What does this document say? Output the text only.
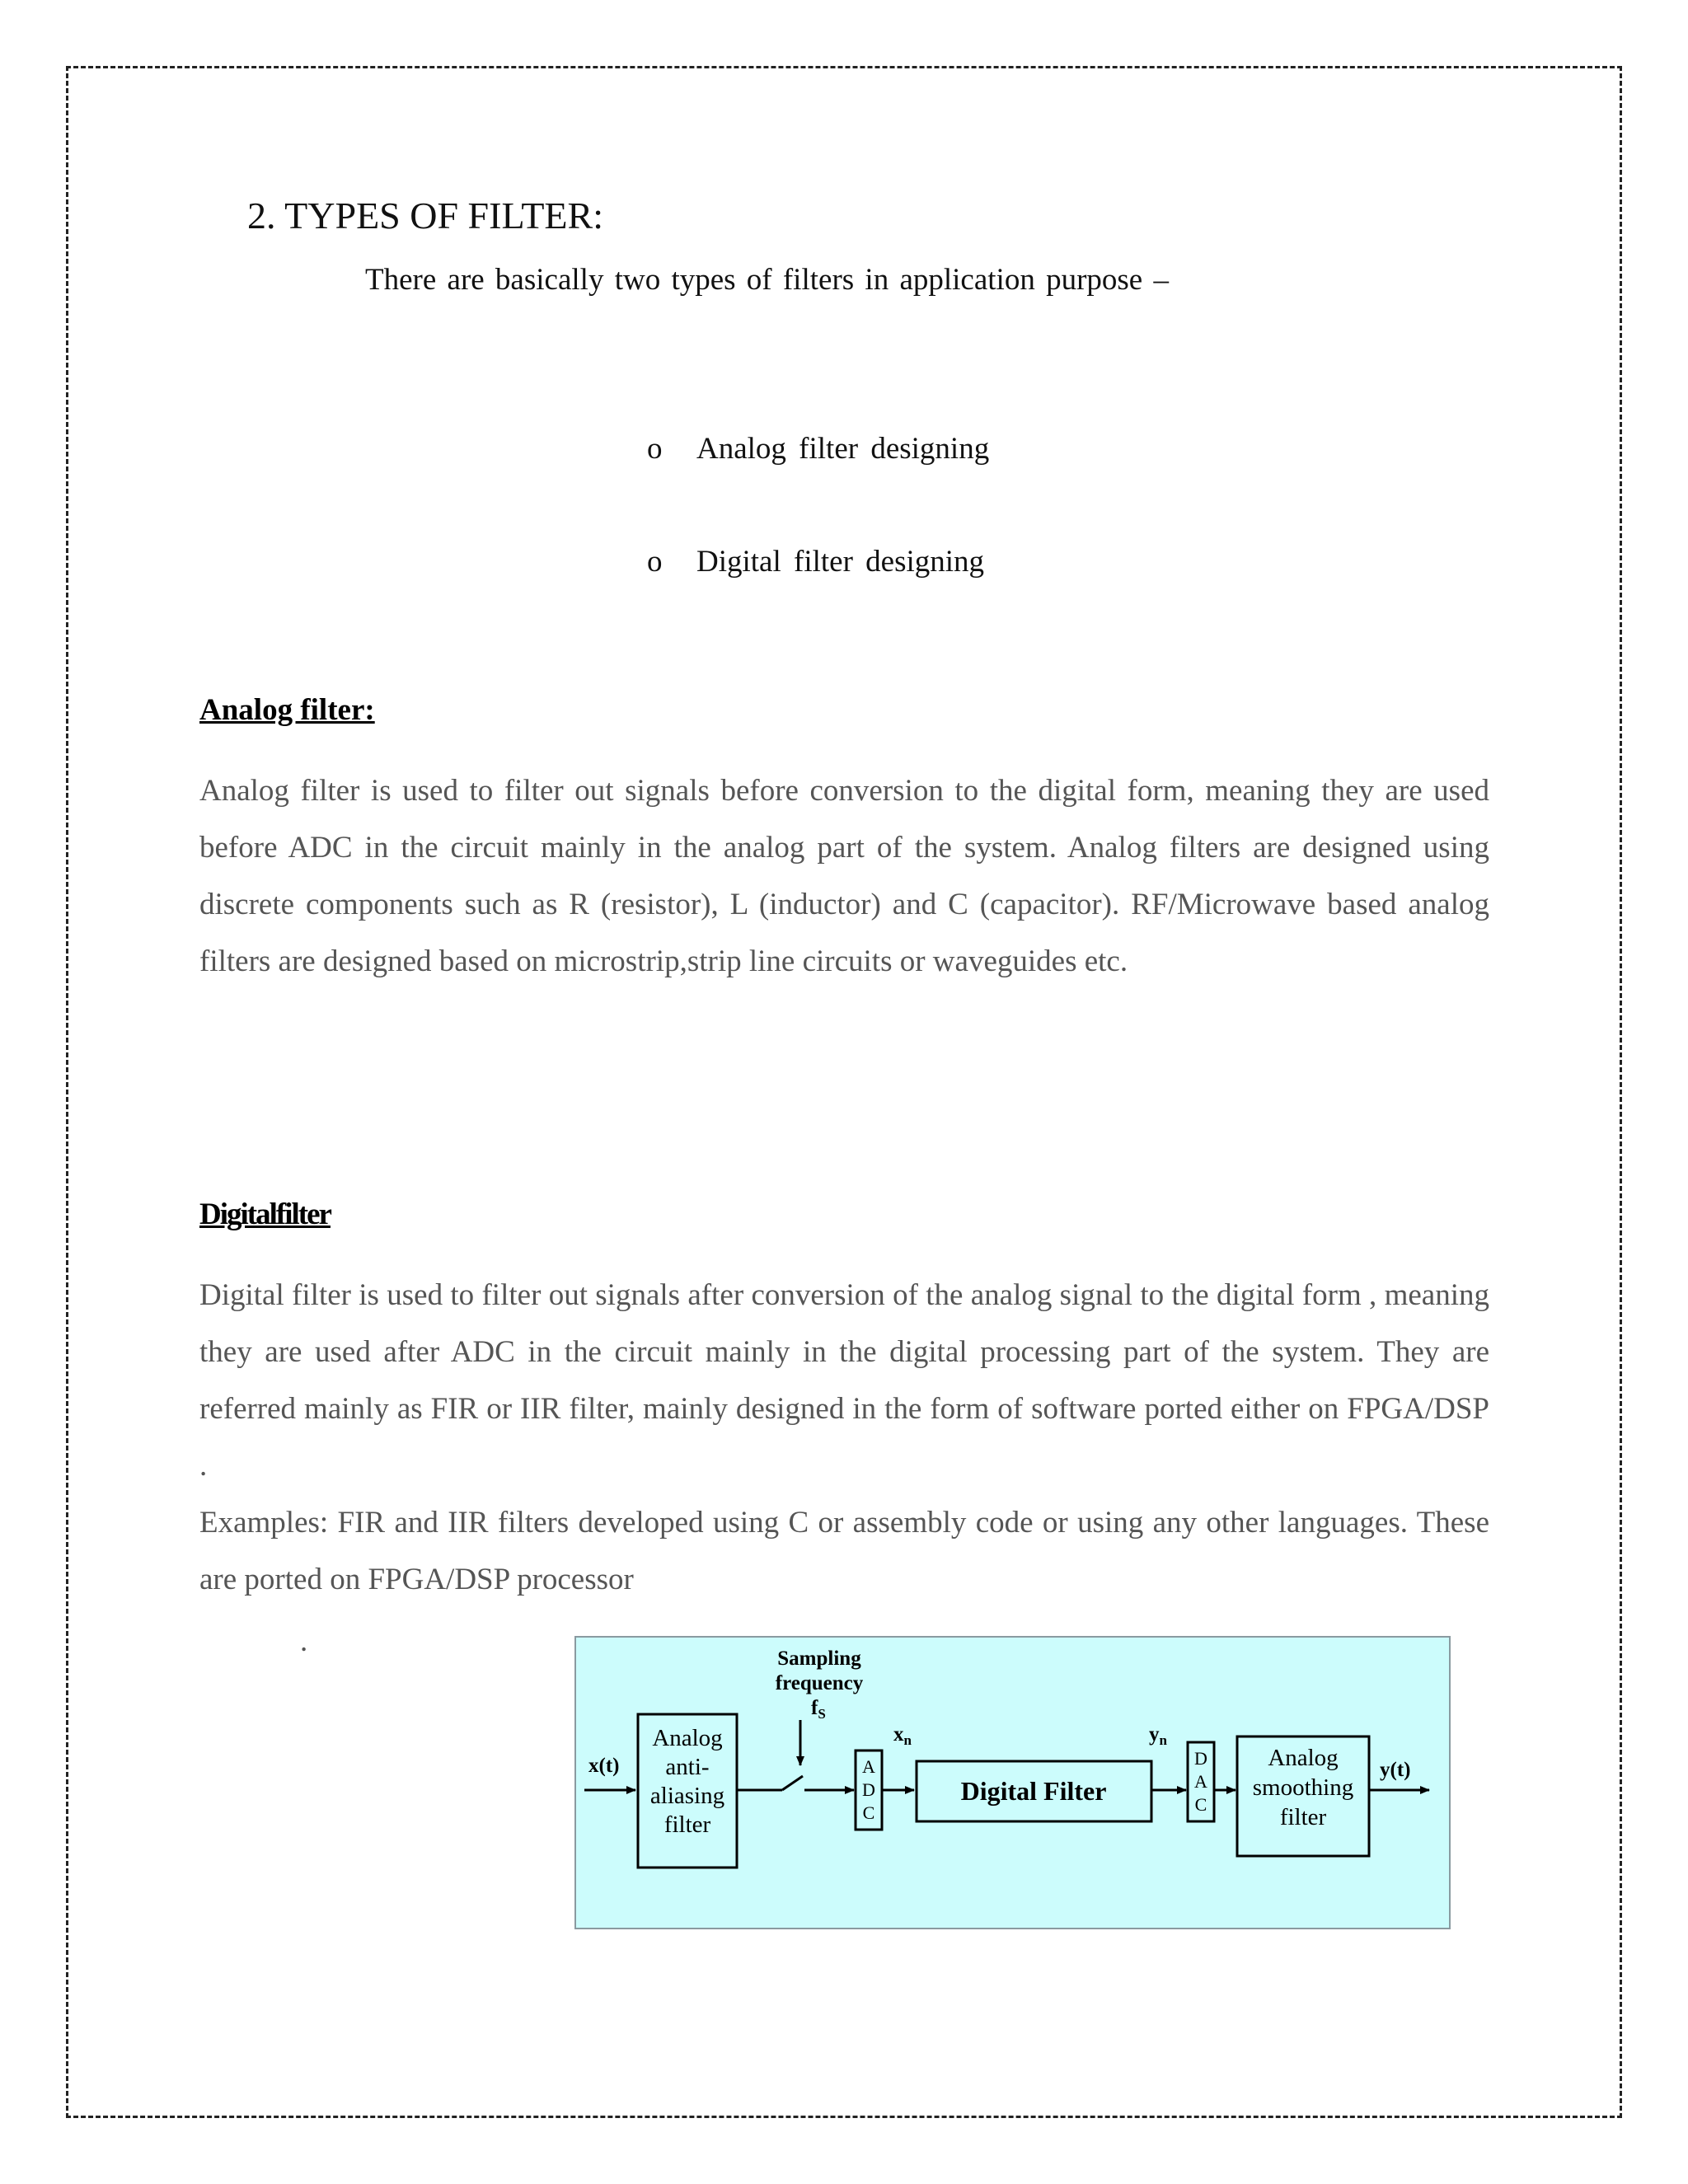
2. TYPES OF FILTER:
There are basically two types of filters in application purpose –
o Analog filter designing
o Digital filter designing
Analog filter:

Analog filter is used to filter out signals before conversion to the digital form, meaning they are used before ADC in the circuit mainly in the analog part of the system. Analog filters are designed using discrete components such as R (resistor), L (inductor) and C (capacitor). RF/Microwave based analog filters are designed based on microstrip,strip line circuits or waveguides etc.

Digitalfilter

Digital filter is used to filter out signals after conversion of the analog signal to the digital form , meaning they are used after ADC in the circuit mainly in the digital processing part of the system. They are referred mainly as FIR or IIR filter, mainly designed in the form of software ported either on FPGA/DSP .

Examples: FIR and IIR filters developed using C or assembly code or using any other languages. These are ported on FPGA/DSP processor

.
Sampling
frequency
$f_S$
x(t)
Analog
anti-
aliasing
filter
A
D
C
$x_n$
Digital Filter
$y_n$
D
A
C
Analog
smoothing
filter
y(t)
